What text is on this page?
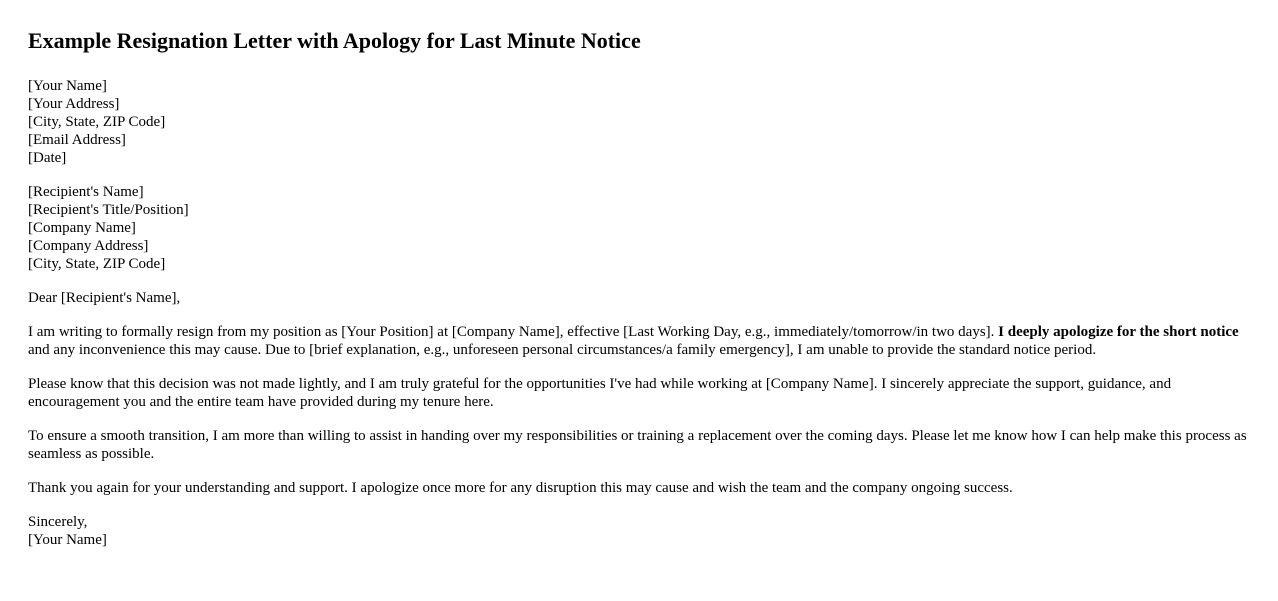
Example Resignation Letter with Apology for Last Minute Notice
[Your Name]
[Your Address]
[City, State, ZIP Code]
[Email Address]
[Date]
[Recipient's Name]
[Recipient's Title/Position]
[Company Name]
[Company Address]
[City, State, ZIP Code]

Dear [Recipient's Name],

I am writing to formally resign from my position as [Your Position] at [Company Name], effective [Last Working Day, e.g., immediately/tomorrow/in two days]. I deeply apologize for the short notice and any inconvenience this may cause. Due to [brief explanation, e.g., unforeseen personal circumstances/a family emergency], I am unable to provide the standard notice period.

Please know that this decision was not made lightly, and I am truly grateful for the opportunities I've had while working at [Company Name]. I sincerely appreciate the support, guidance, and encouragement you and the entire team have provided during my tenure here.

To ensure a smooth transition, I am more than willing to assist in handing over my responsibilities or training a replacement over the coming days. Please let me know how I can help make this process as seamless as possible.

Thank you again for your understanding and support. I apologize once more for any disruption this may cause and wish the team and the company ongoing success.

Sincerely,
[Your Name]
